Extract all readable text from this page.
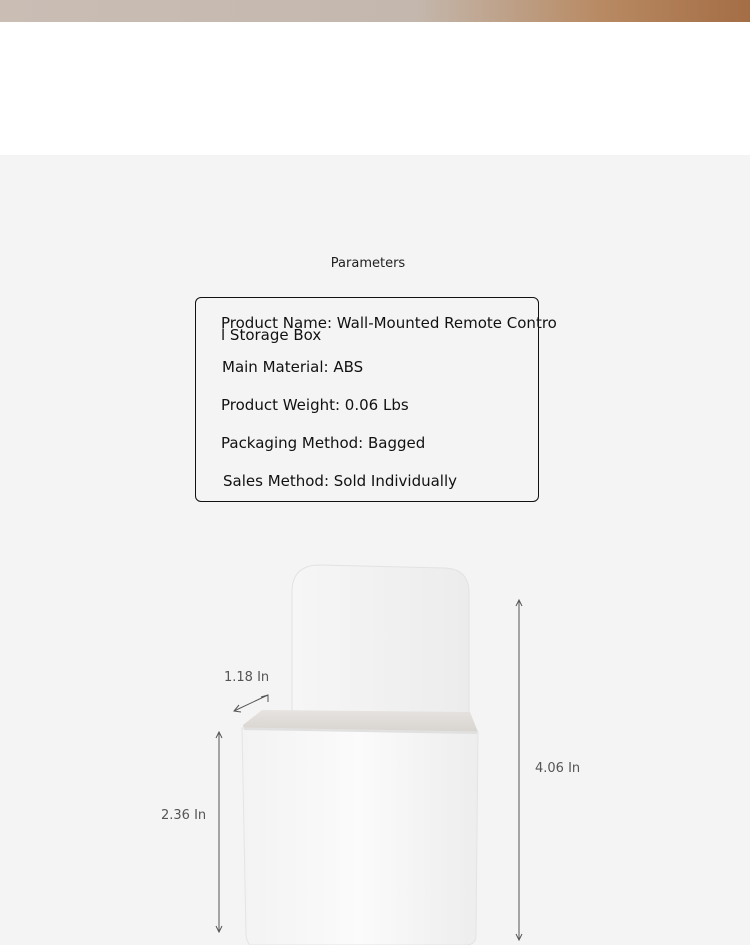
Parameters
Product Name: Wall-Mounted Remote Control Storage Box
Main Material: ABS
Product Weight: 0.06 Lbs
Packaging Method: Bagged
Sales Method: Sold Individually
1.18 In
2.36 In
4.06 In
